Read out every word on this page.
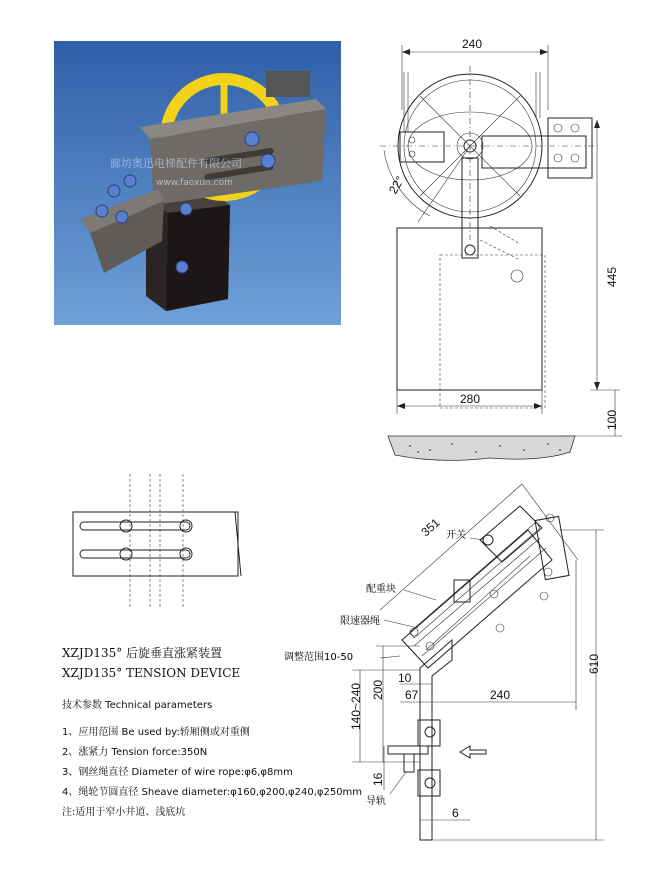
廊坊奥迅电梯配件有限公司
www.faoxun.com
240
22°
445
280
100
351
140~240 200
10
67	240
610
16
6
开关
配重块
限速器绳
调整范围10-50
导轨
XZJD135° 后旋垂直涨紧装置
XZJD135° TENSION DEVICE
技术参数 Technical parameters
1、应用范围 Be used by:轿厢侧或对重侧
2、涨紧力 Tension force:350N
3、钢丝绳直径 Diameter of wire rope:φ6,φ8mm
4、绳轮节圆直径 Sheave diameter:φ160,φ200,φ240,φ250mm
注:适用于窄小井道、浅底坑
